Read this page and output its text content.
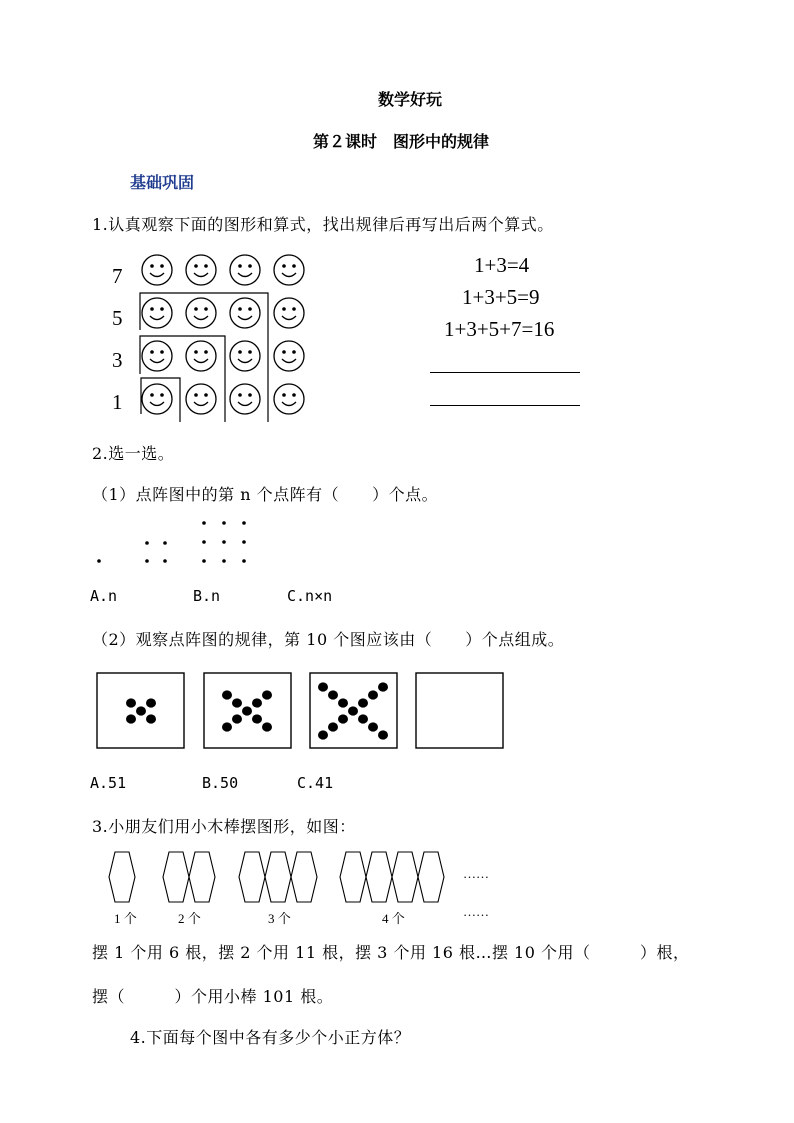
数学好玩
第２课时　图形中的规律
基础巩固
1.认真观察下面的图形和算式，找出规律后再写出后两个算式。
7
5
3
1
1+3=4
1+3+5=9
1+3+5+7=16
2.选一选。
（1）点阵图中的第 n 个点阵有（　　）个点。
A.n	B.n	C.n×n
（2）观察点阵图的规律，第 10 个图应该由（　　）个点组成。
A.51	B.50	C.41
3.小朋友们用小木棒摆图形，如图：
1 个	2 个	3 个	4 个
……
……
摆 1 个用 6 根，摆 2 个用 11 根，摆 3 个用 16 根…摆 10 个用（　　　）根，
摆（　　　）个用小棒 101 根。
4.下面每个图中各有多少个小正方体？
